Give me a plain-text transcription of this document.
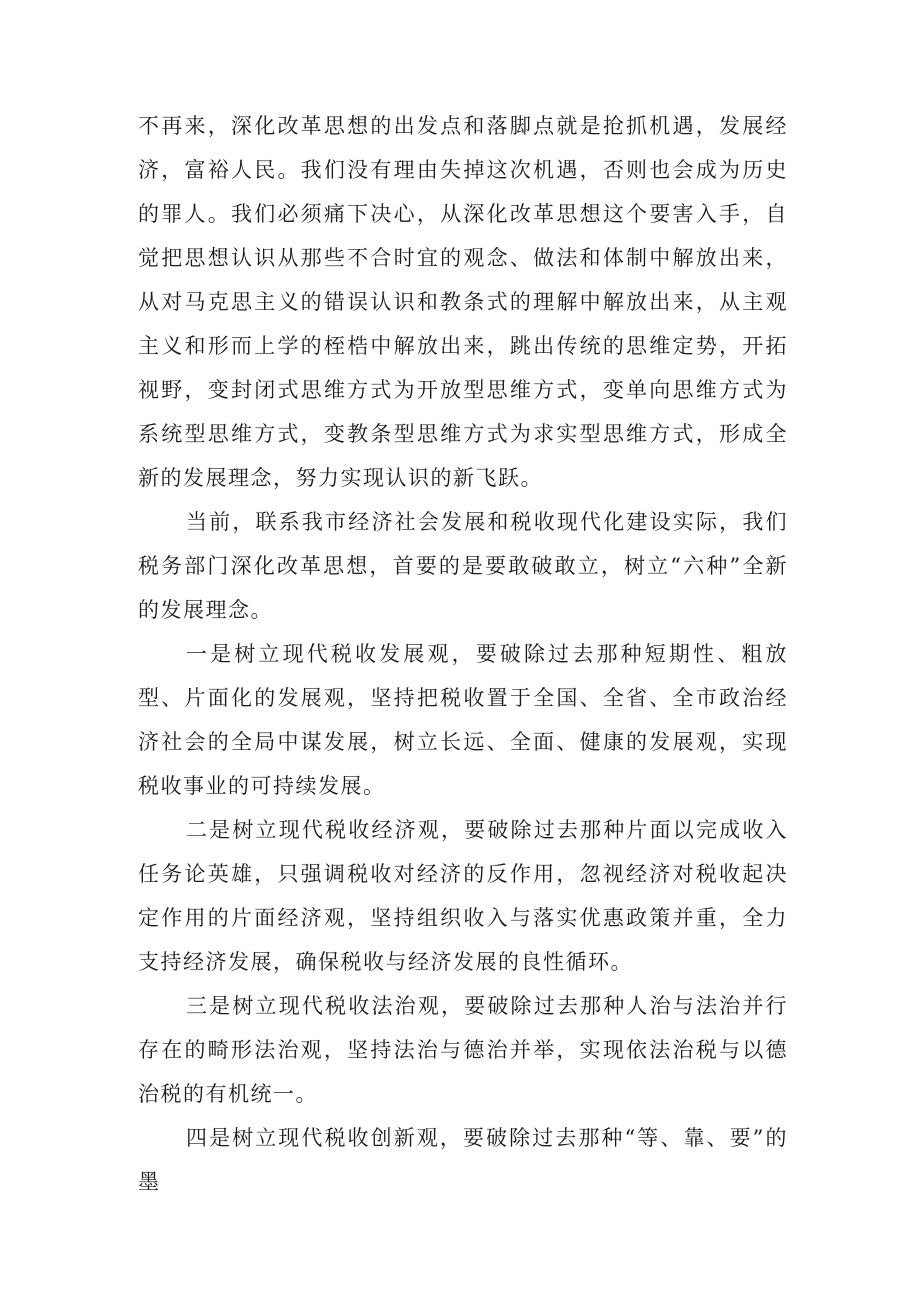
不再来，深化改革思想的出发点和落脚点就是抢抓机遇，发展经济，富裕人民。我们没有理由失掉这次机遇，否则也会成为历史的罪人。我们必须痛下决心，从深化改革思想这个要害入手，自觉把思想认识从那些不合时宜的观念、做法和体制中解放出来，从对马克思主义的错误认识和教条式的理解中解放出来，从主观主义和形而上学的桎梏中解放出来，跳出传统的思维定势，开拓视野，变封闭式思维方式为开放型思维方式，变单向思维方式为系统型思维方式，变教条型思维方式为求实型思维方式，形成全新的发展理念，努力实现认识的新飞跃。

当前，联系我市经济社会发展和税收现代化建设实际，我们税务部门深化改革思想，首要的是要敢破敢立，树立“六种”全新的发展理念。

一是树立现代税收发展观，要破除过去那种短期性、粗放型、片面化的发展观，坚持把税收置于全国、全省、全市政治经济社会的全局中谋发展，树立长远、全面、健康的发展观，实现税收事业的可持续发展。

二是树立现代税收经济观，要破除过去那种片面以完成收入任务论英雄，只强调税收对经济的反作用，忽视经济对税收起决定作用的片面经济观，坚持组织收入与落实优惠政策并重，全力支持经济发展，确保税收与经济发展的良性循环。

三是树立现代税收法治观，要破除过去那种人治与法治并行存在的畸形法治观，坚持法治与德治并举，实现依法治税与以德治税的有机统一。

四是树立现代税收创新观，要破除过去那种“等、靠、要”的墨
